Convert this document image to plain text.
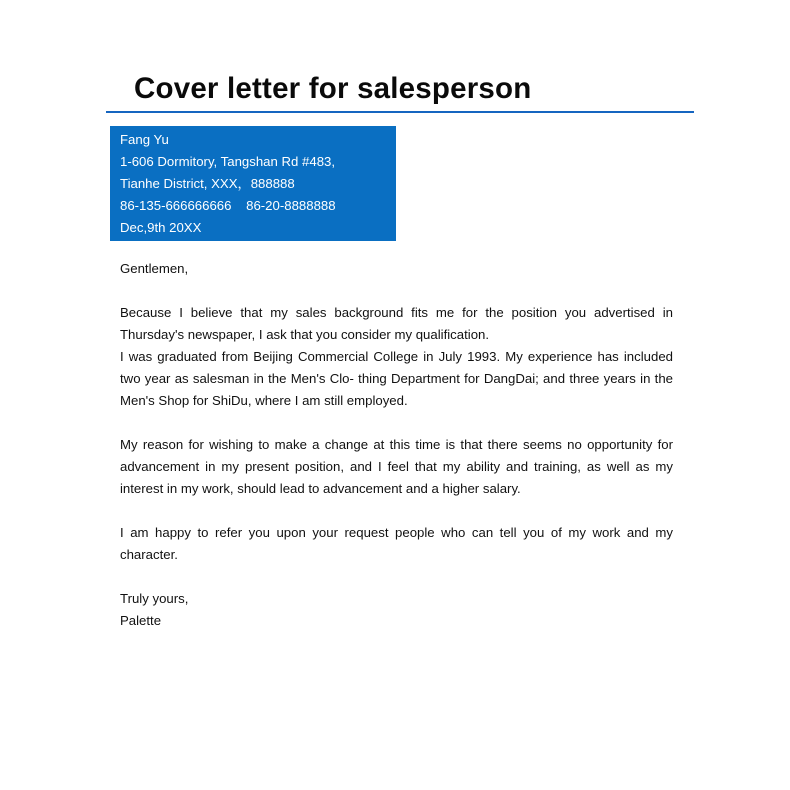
Cover letter for salesperson
Fang Yu
1-606 Dormitory, Tangshan Rd #483,
Tianhe District, XXX，888888
86-135-666666666    86-20-8888888
Dec,9th 20XX

Gentlemen,

Because I believe that my sales background fits me for the position you advertised in Thursday's newspaper, I ask that you consider my qualification.

I was graduated from Beijing Commercial College in July 1993. My experience has included two year as salesman in the Men's Clo- thing Department for DangDai; and three years in the Men's Shop for ShiDu, where I am still employed.

My reason for wishing to make a change at this time is that there seems no opportunity for advancement in my present position, and I feel that my ability and training, as well as my interest in my work, should lead to advancement and a higher salary.

I am happy to refer you upon your request people who can tell you of my work and my character.

Truly yours,

Palette
